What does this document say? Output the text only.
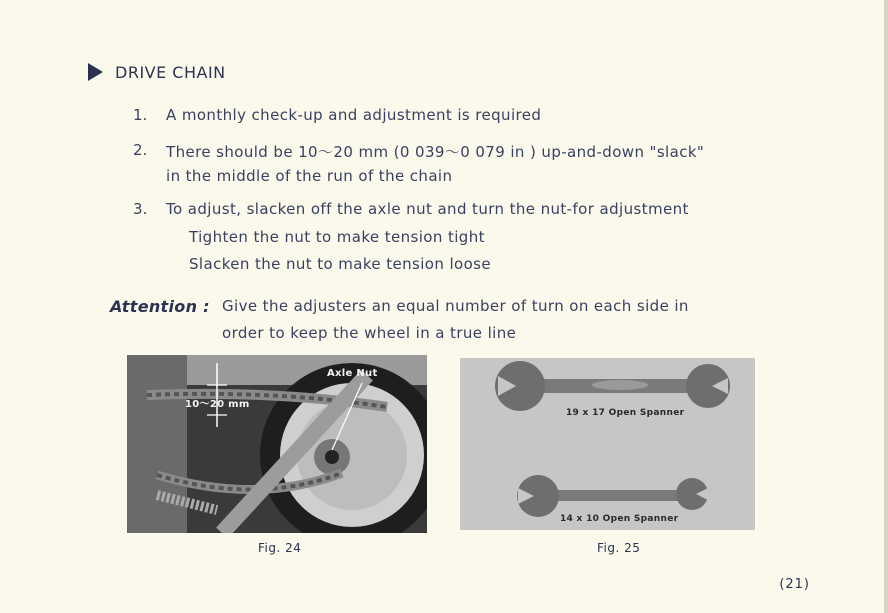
DRIVE CHAIN
1. A monthly check-up and adjustment is required
2. There should be 10～20 mm (0 039～0 079 in ) up-and-down "slack"
in the middle of the run of the chain
3. To adjust, slacken off the axle nut and turn the nut-for adjustment
Tighten the nut to make tension tight
Slacken the nut to make tension loose
Attention : Give the adjusters an equal number of turn on each side in
order to keep the wheel in a true line
10～20 mm
Axle Nut
Fig. 24
19 x 17 Open Spanner
14 x 10 Open Spanner
Fig. 25
(21)
